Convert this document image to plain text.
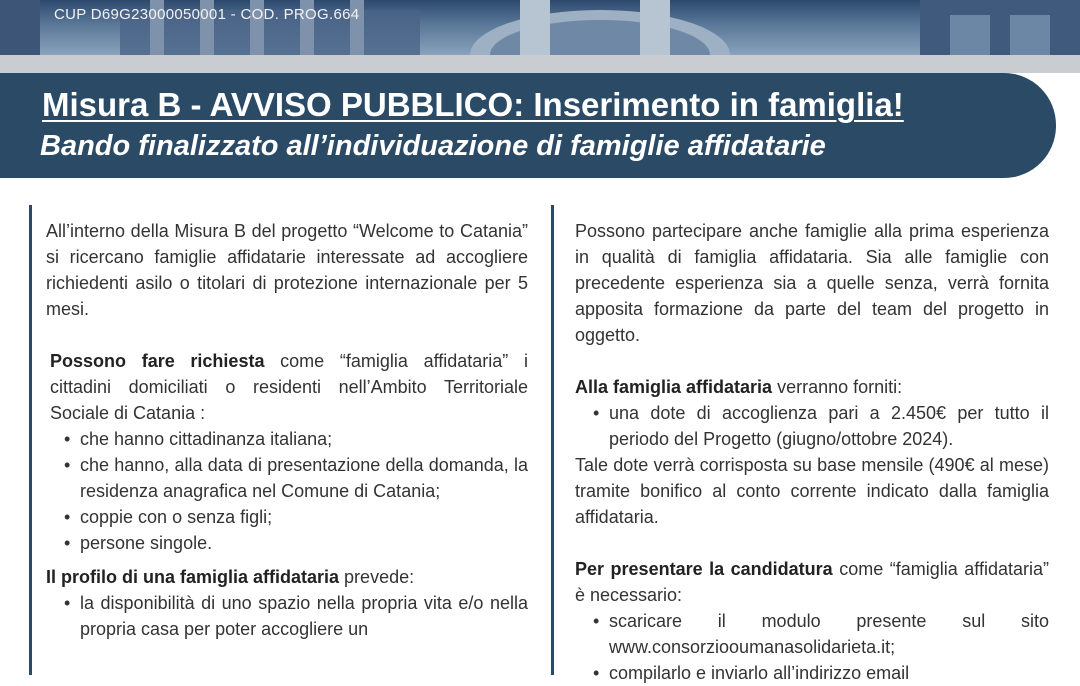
CUP D69G23000050001 - COD. PROG.664
Misura B - AVVISO PUBBLICO: Inserimento in famiglia!
Bando finalizzato all’individuazione di famiglie affidatarie

All’interno della Misura B del progetto “Welcome to Catania” si ricercano famiglie affidatarie interessate ad accogliere richiedenti asilo o titolari di protezione internazionale per 5 mesi.

Possono fare richiesta come “famiglia affidataria” i cittadini domiciliati o residenti nell’Ambito Territoriale Sociale di Catania :

• che hanno cittadinanza italiana;
• che hanno, alla data di presentazione della domanda, la residenza anagrafica nel Comune di Catania;
• coppie con o senza figli;
• persone singole.

Il profilo di una famiglia affidataria prevede:

• la disponibilità di uno spazio nella propria vita e/o nella propria casa per poter accogliere un

Possono partecipare anche famiglie alla prima esperienza in qualità di famiglia affidataria. Sia alle famiglie con precedente esperienza sia a quelle senza, verrà fornita apposita formazione da parte del team del progetto in oggetto.

Alla famiglia affidataria verranno forniti:

• una dote di accoglienza pari a 2.450€ per tutto il periodo del Progetto (giugno/ottobre 2024).

Tale dote verrà corrisposta su base mensile (490€ al mese) tramite bonifico al conto corrente indicato dalla famiglia affidataria.

Per presentare la candidatura come “famiglia affidataria” è necessario:

• scaricare il modulo presente sul sito www.consorziooumanasolidarieta.it;
• compilarlo e inviarlo all’indirizzo email
